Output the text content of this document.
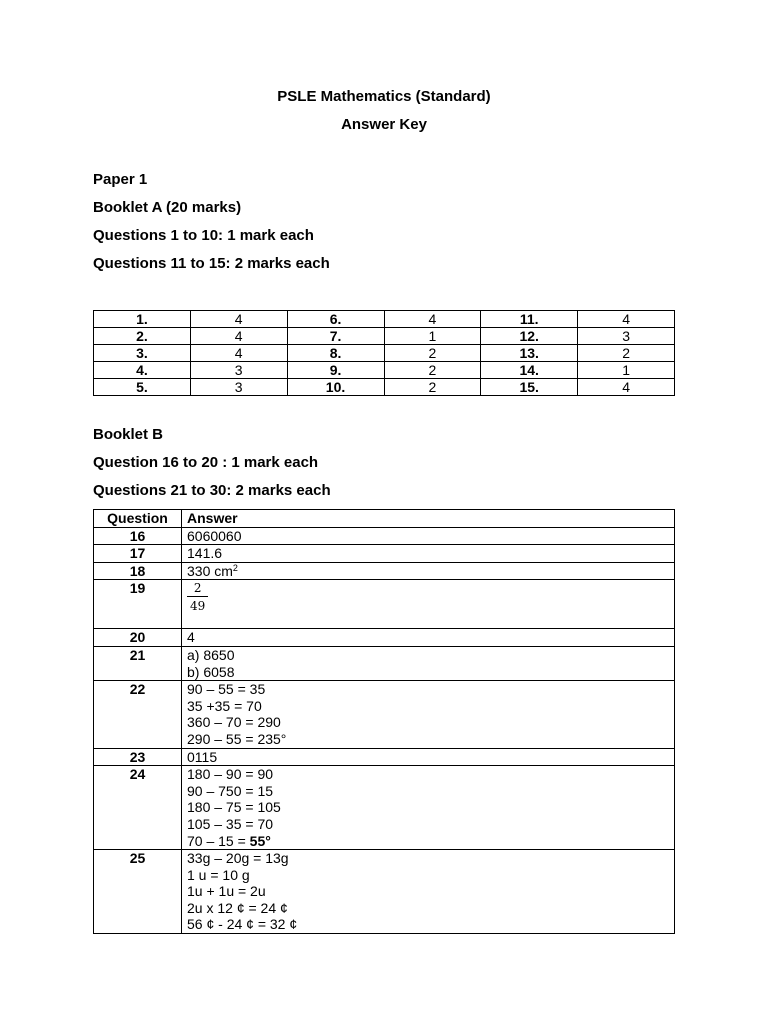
PSLE Mathematics (Standard)
Answer Key
Paper 1
Booklet A (20 marks)
Questions 1 to 10: 1 mark each
Questions 11 to 15: 2 marks each
1.	4	6.	4	11.	4
2.	4	7.	1	12.	3
3.	4	8.	2	13.	2
4.	3	9.	2	14.	1
5.	3	10.	2	15.	4
Booklet B
Question 16 to 20 : 1 mark each
Questions 21 to 30: 2 marks each
Question	Answer
16	6060060

17	141.6

18	330 $cm^2$

19	$\frac{2}{49}$

20	4

21	a) 8650
b) 6058

22	90 – 55 = 35
35 +35 = 70
360 – 70 = 290
290 – 55 = 235°

23	0115

24	180 – 90 = 90
90 – 750 = 15
180 – 75 = 105
105 – 35 = 70
70 – 15 = 55°

25	33g – 20g = 13g
1 u = 10 g
1u + 1u = 2u
2u x 12 ¢ = 24 ¢
56 ¢ - 24 ¢ = 32 ¢
